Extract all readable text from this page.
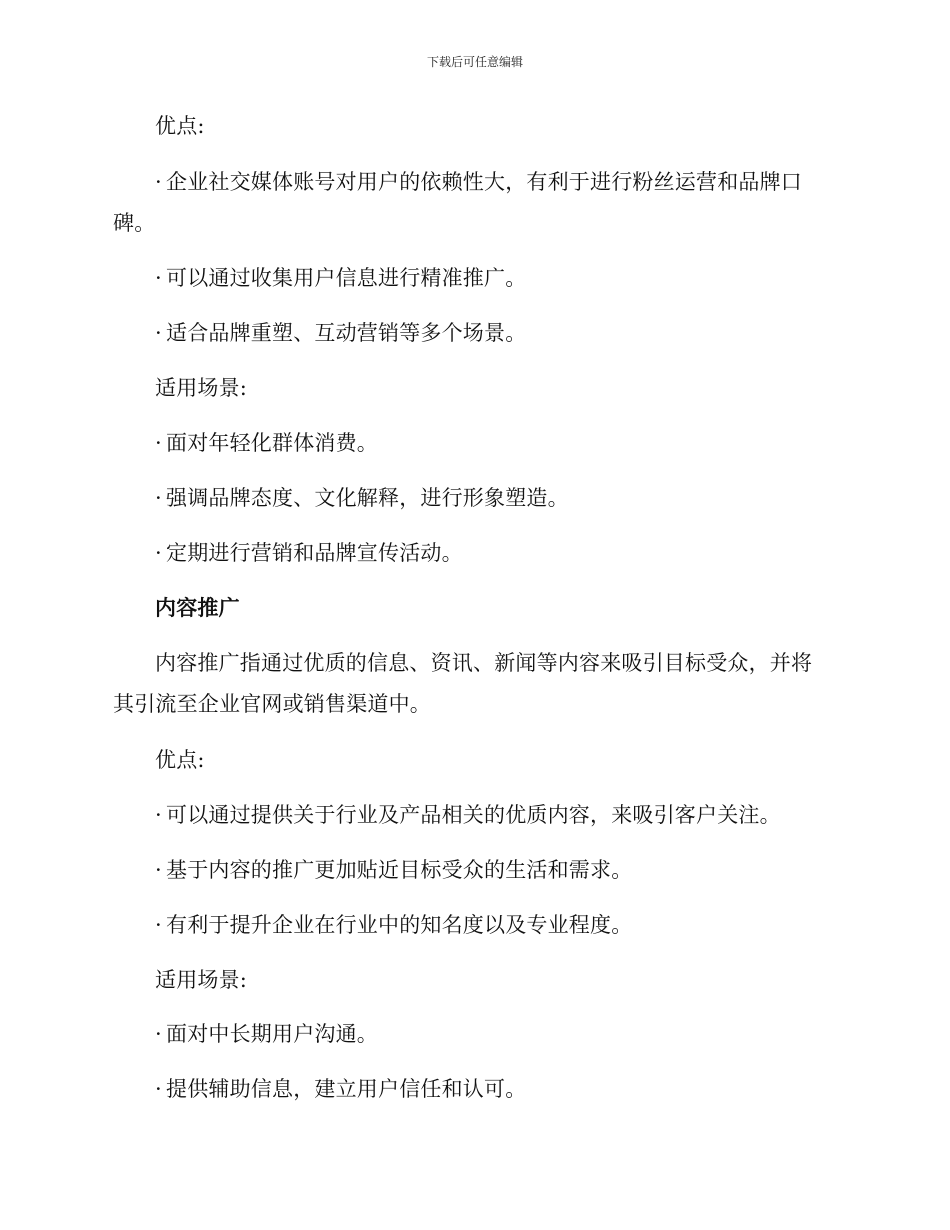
下载后可任意编辑
优点:
· 企业社交媒体账号对用户的依赖性大，有利于进行粉丝运营和品牌口
碑。
· 可以通过收集用户信息进行精准推广。
· 适合品牌重塑、互动营销等多个场景。
适用场景:
· 面对年轻化群体消费。
· 强调品牌态度、文化解释，进行形象塑造。
· 定期进行营销和品牌宣传活动。
内容推广
内容推广指通过优质的信息、资讯、新闻等内容来吸引目标受众，并将
其引流至企业官网或销售渠道中。
优点:
· 可以通过提供关于行业及产品相关的优质内容，来吸引客户关注。
· 基于内容的推广更加贴近目标受众的生活和需求。
· 有利于提升企业在行业中的知名度以及专业程度。
适用场景:
· 面对中长期用户沟通。
· 提供辅助信息，建立用户信任和认可。
